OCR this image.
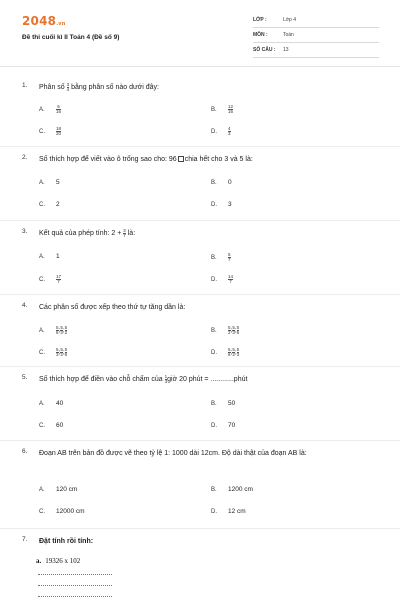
2048.vn
Đề thi cuối kì II Toán 4 (Đề số 9)
LỚP :	Lớp 4
MÔN :	Toán
SỐ CÂU : 13
1. Phân số $\frac{3}{4}$ bằng phân số nào dưới đây:
A.	$\frac{6}{16}$	B.	$\frac{12}{16}$
C. $\frac{18}{20}$	D. $\frac{4}{3}$
2. Số thích hợp để viết vào ô trống sao cho: 96 chia hết cho 3 và 5 là:
A. 5	B. 0
C. 2	D. 3
3. Kết quả của phép tính: $2 + \frac{3}{7}$ là:
A. 1	B.	$\frac{5}{7}$
C. $\frac{17}{7}$	D. $\frac{14}{7}$
4. Các phân số được xếp theo thứ tự tăng dần là:
A.	$\frac{5}{6}$ ; $\frac{5}{3}$ ; $\frac{5}{2}$	B.	$\frac{5}{2}$ ; $\frac{5}{3}$ ; $\frac{5}{6}$
C. $\frac{5}{3}$ ; $\frac{5}{2}$ ; $\frac{5}{6}$	D. $\frac{5}{6}$ ; $\frac{5}{2}$ ; $\frac{5}{3}$
5. Số thích hợp để điền vào chỗ chấm của $\frac{1}{3}$ giờ 20 phút = ............phút
A. 40	B. 50
C. 60	D. 70
6. Đoạn AB trên bản đồ được vẽ theo tỷ lệ 1: 1000 dài 12cm. Độ dài thật của đoạn AB là:
A. 120 cm	B. 1200 cm
C. 12000 cm	D. 12 cm
7. Đặt tính rồi tính:
a. 19326 x 102
